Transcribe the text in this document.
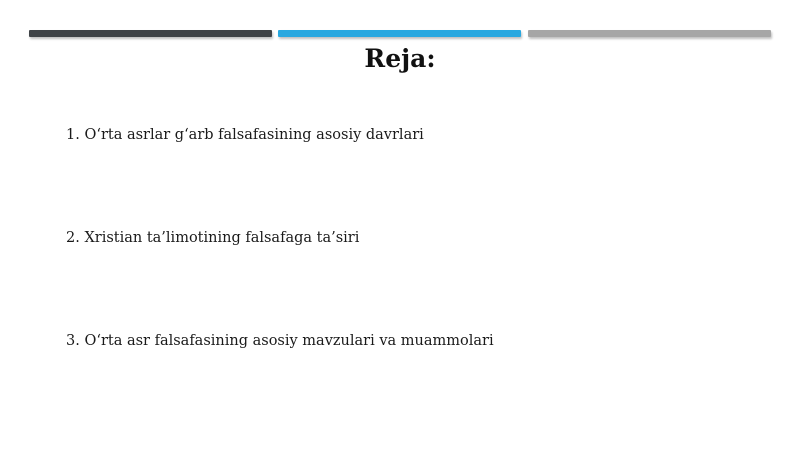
Reja:
1. O‘rta asrlar g‘arb falsafasining asosiy davrlari
2. Xristian ta’limotining falsafaga ta’siri
3. O‘rta asr falsafasining asosiy mavzulari va muammolari
